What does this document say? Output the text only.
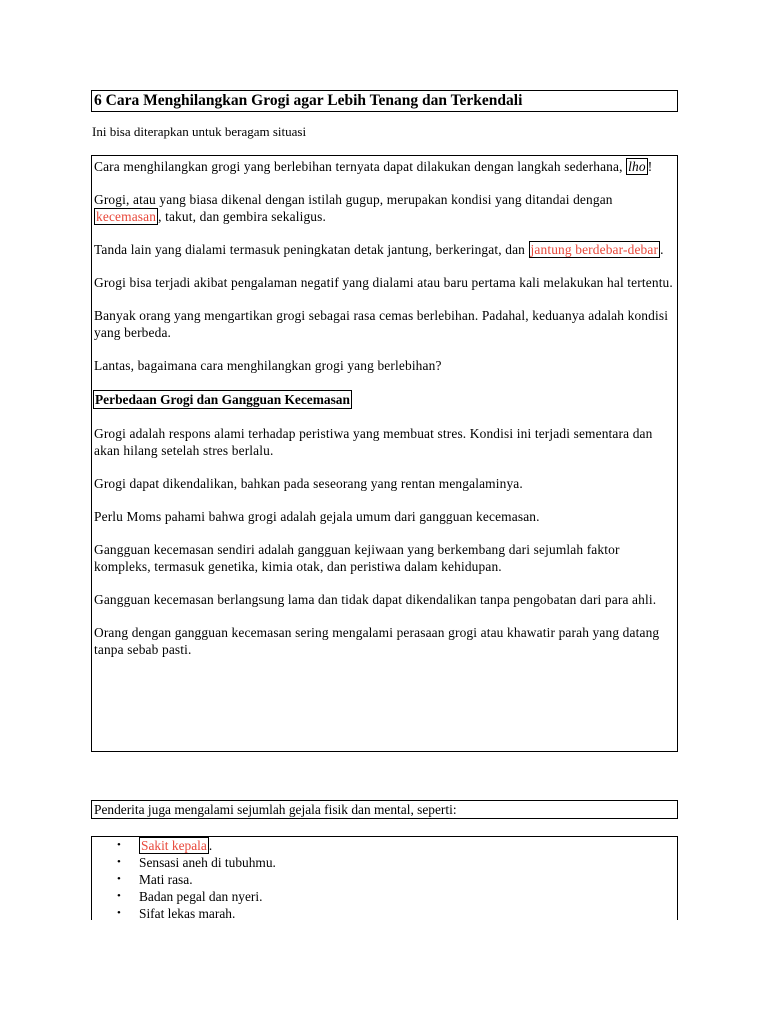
6 Cara Menghilangkan Grogi agar Lebih Tenang dan Terkendali
Ini bisa diterapkan untuk beragam situasi

Cara menghilangkan grogi yang berlebihan ternyata dapat dilakukan dengan langkah sederhana, lho !

Grogi, atau yang biasa dikenal dengan istilah gugup, merupakan kondisi yang ditandai dengan kecemasan , takut, dan gembira sekaligus.

Tanda lain yang dialami termasuk peningkatan detak jantung, berkeringat, dan jantung berdebar-debar .

Grogi bisa terjadi akibat pengalaman negatif yang dialami atau baru pertama kali melakukan hal tertentu.

Banyak orang yang mengartikan grogi sebagai rasa cemas berlebihan. Padahal, keduanya adalah kondisi yang berbeda.

Lantas, bagaimana cara menghilangkan grogi yang berlebihan?

Perbedaan Grogi dan Gangguan Kecemasan

Grogi adalah respons alami terhadap peristiwa yang membuat stres. Kondisi ini terjadi sementara dan akan hilang setelah stres berlalu.

Grogi dapat dikendalikan, bahkan pada seseorang yang rentan mengalaminya.

Perlu Moms pahami bahwa grogi adalah gejala umum dari gangguan kecemasan.

Gangguan kecemasan sendiri adalah gangguan kejiwaan yang berkembang dari sejumlah faktor kompleks, termasuk genetika, kimia otak, dan peristiwa dalam kehidupan.

Gangguan kecemasan berlangsung lama dan tidak dapat dikendalikan tanpa pengobatan dari para ahli.

Orang dengan gangguan kecemasan sering mengalami perasaan grogi atau khawatir parah yang datang tanpa sebab pasti.

Penderita juga mengalami sejumlah gejala fisik dan mental, seperti:
• Sakit kepala .
• Sensasi aneh di tubuhmu.
• Mati rasa.
• Badan pegal dan nyeri.
• Sifat lekas marah.
